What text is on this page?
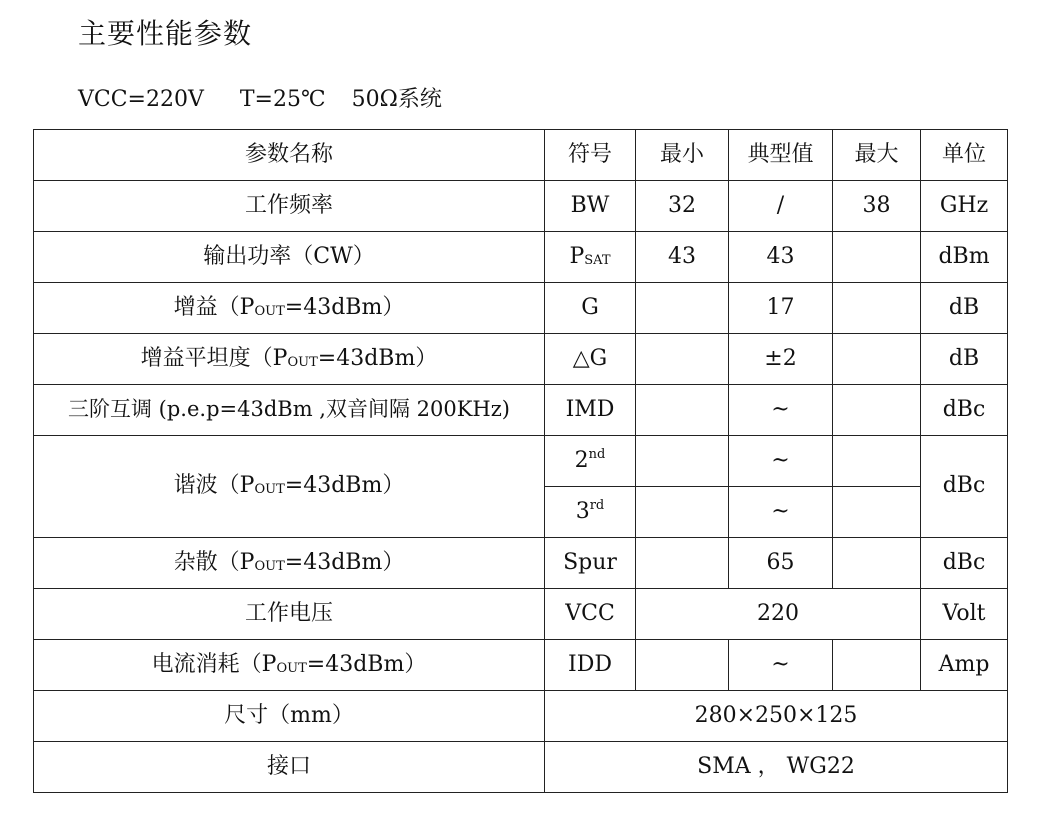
主要性能参数
VCC=220V T=25℃ 50Ω系统
参数名称	符号	最小	典型值	最大	单位
工作频率	BW	32	/	38	GHz
输出功率（CW）	PSAT	43	43		dBm
增益（POUT=43dBm）	G		17		dB
增益平坦度（POUT=43dBm）	△G		±2		dB
三阶互调 (p.e.p=43dBm ,双音间隔 200KHz)	IMD		~		dBc
谐波（POUT=43dBm）	2nd		~		dBc
	3rd		~		
杂散（POUT=43dBm）	Spur		65		dBc
工作电压	VCC	220			Volt
电流消耗（POUT=43dBm）	IDD		~		Amp
尺寸（mm）	280×250×125				
接口	SMA ， WG22				
